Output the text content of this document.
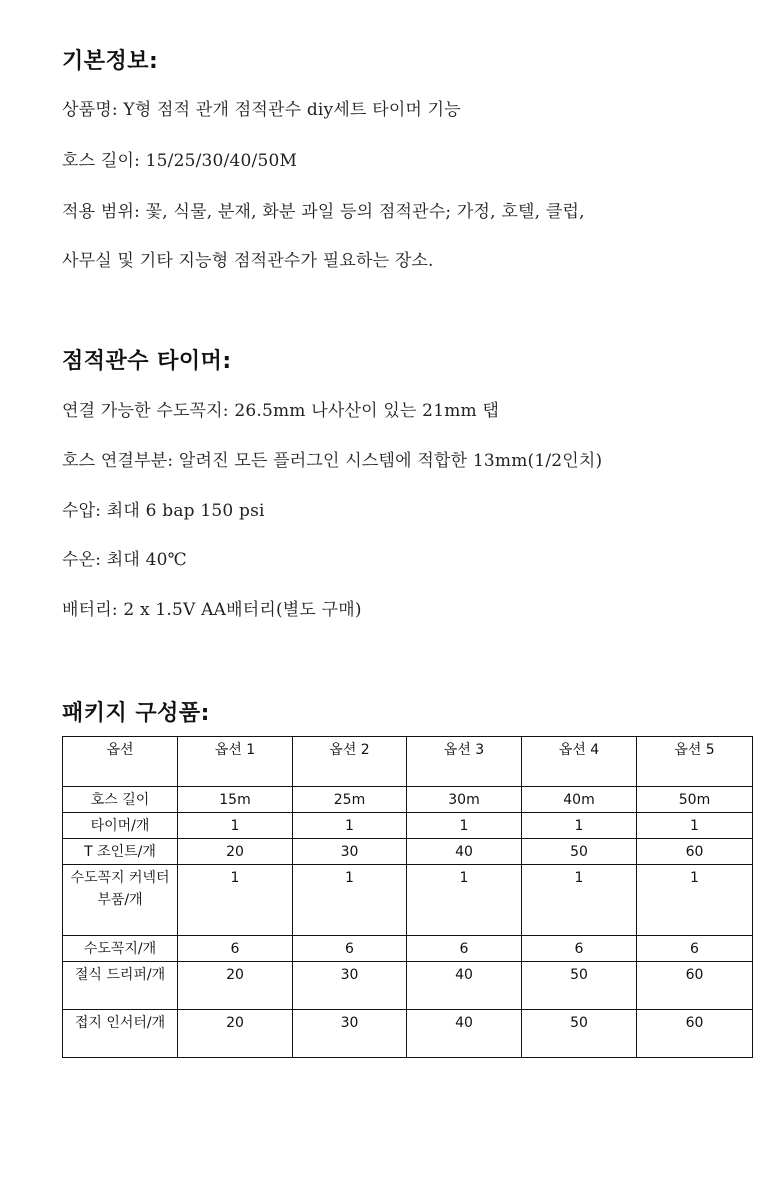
기본정보:
상품명: Y형 점적 관개 점적관수 diy세트 타이머 기능
호스 길이: 15/25/30/40/50M
적용 범위: 꽃, 식물, 분재, 화분 과일 등의 점적관수; 가정, 호텔, 클럽,
사무실 및 기타 지능형 점적관수가 필요하는 장소.
점적관수 타이머:
연결 가능한 수도꼭지: 26.5mm 나사산이 있는 21mm 탭
호스 연결부분: 알려진 모든 플러그인 시스템에 적합한 13mm(1/2인치)
수압: 최대 6 bap 150 psi
수온: 최대 40℃
배터리: 2 x 1.5V AA배터리(별도 구매)
패키지 구성품:
옵션	옵션 1	옵션 2	옵션 3	옵션 4	옵션 5
호스 길이	15m	25m	30m	40m	50m
타이머/개	1	1	1	1	1
T 조인트/개	20	30	40	50	60
수도꼭지 커넥터 부품/개	1	1	1	1	1
수도꼭지/개	6	6	6	6	6
절식 드리퍼/개	20	30	40	50	60
접지 인서터/개	20	30	40	50	60
